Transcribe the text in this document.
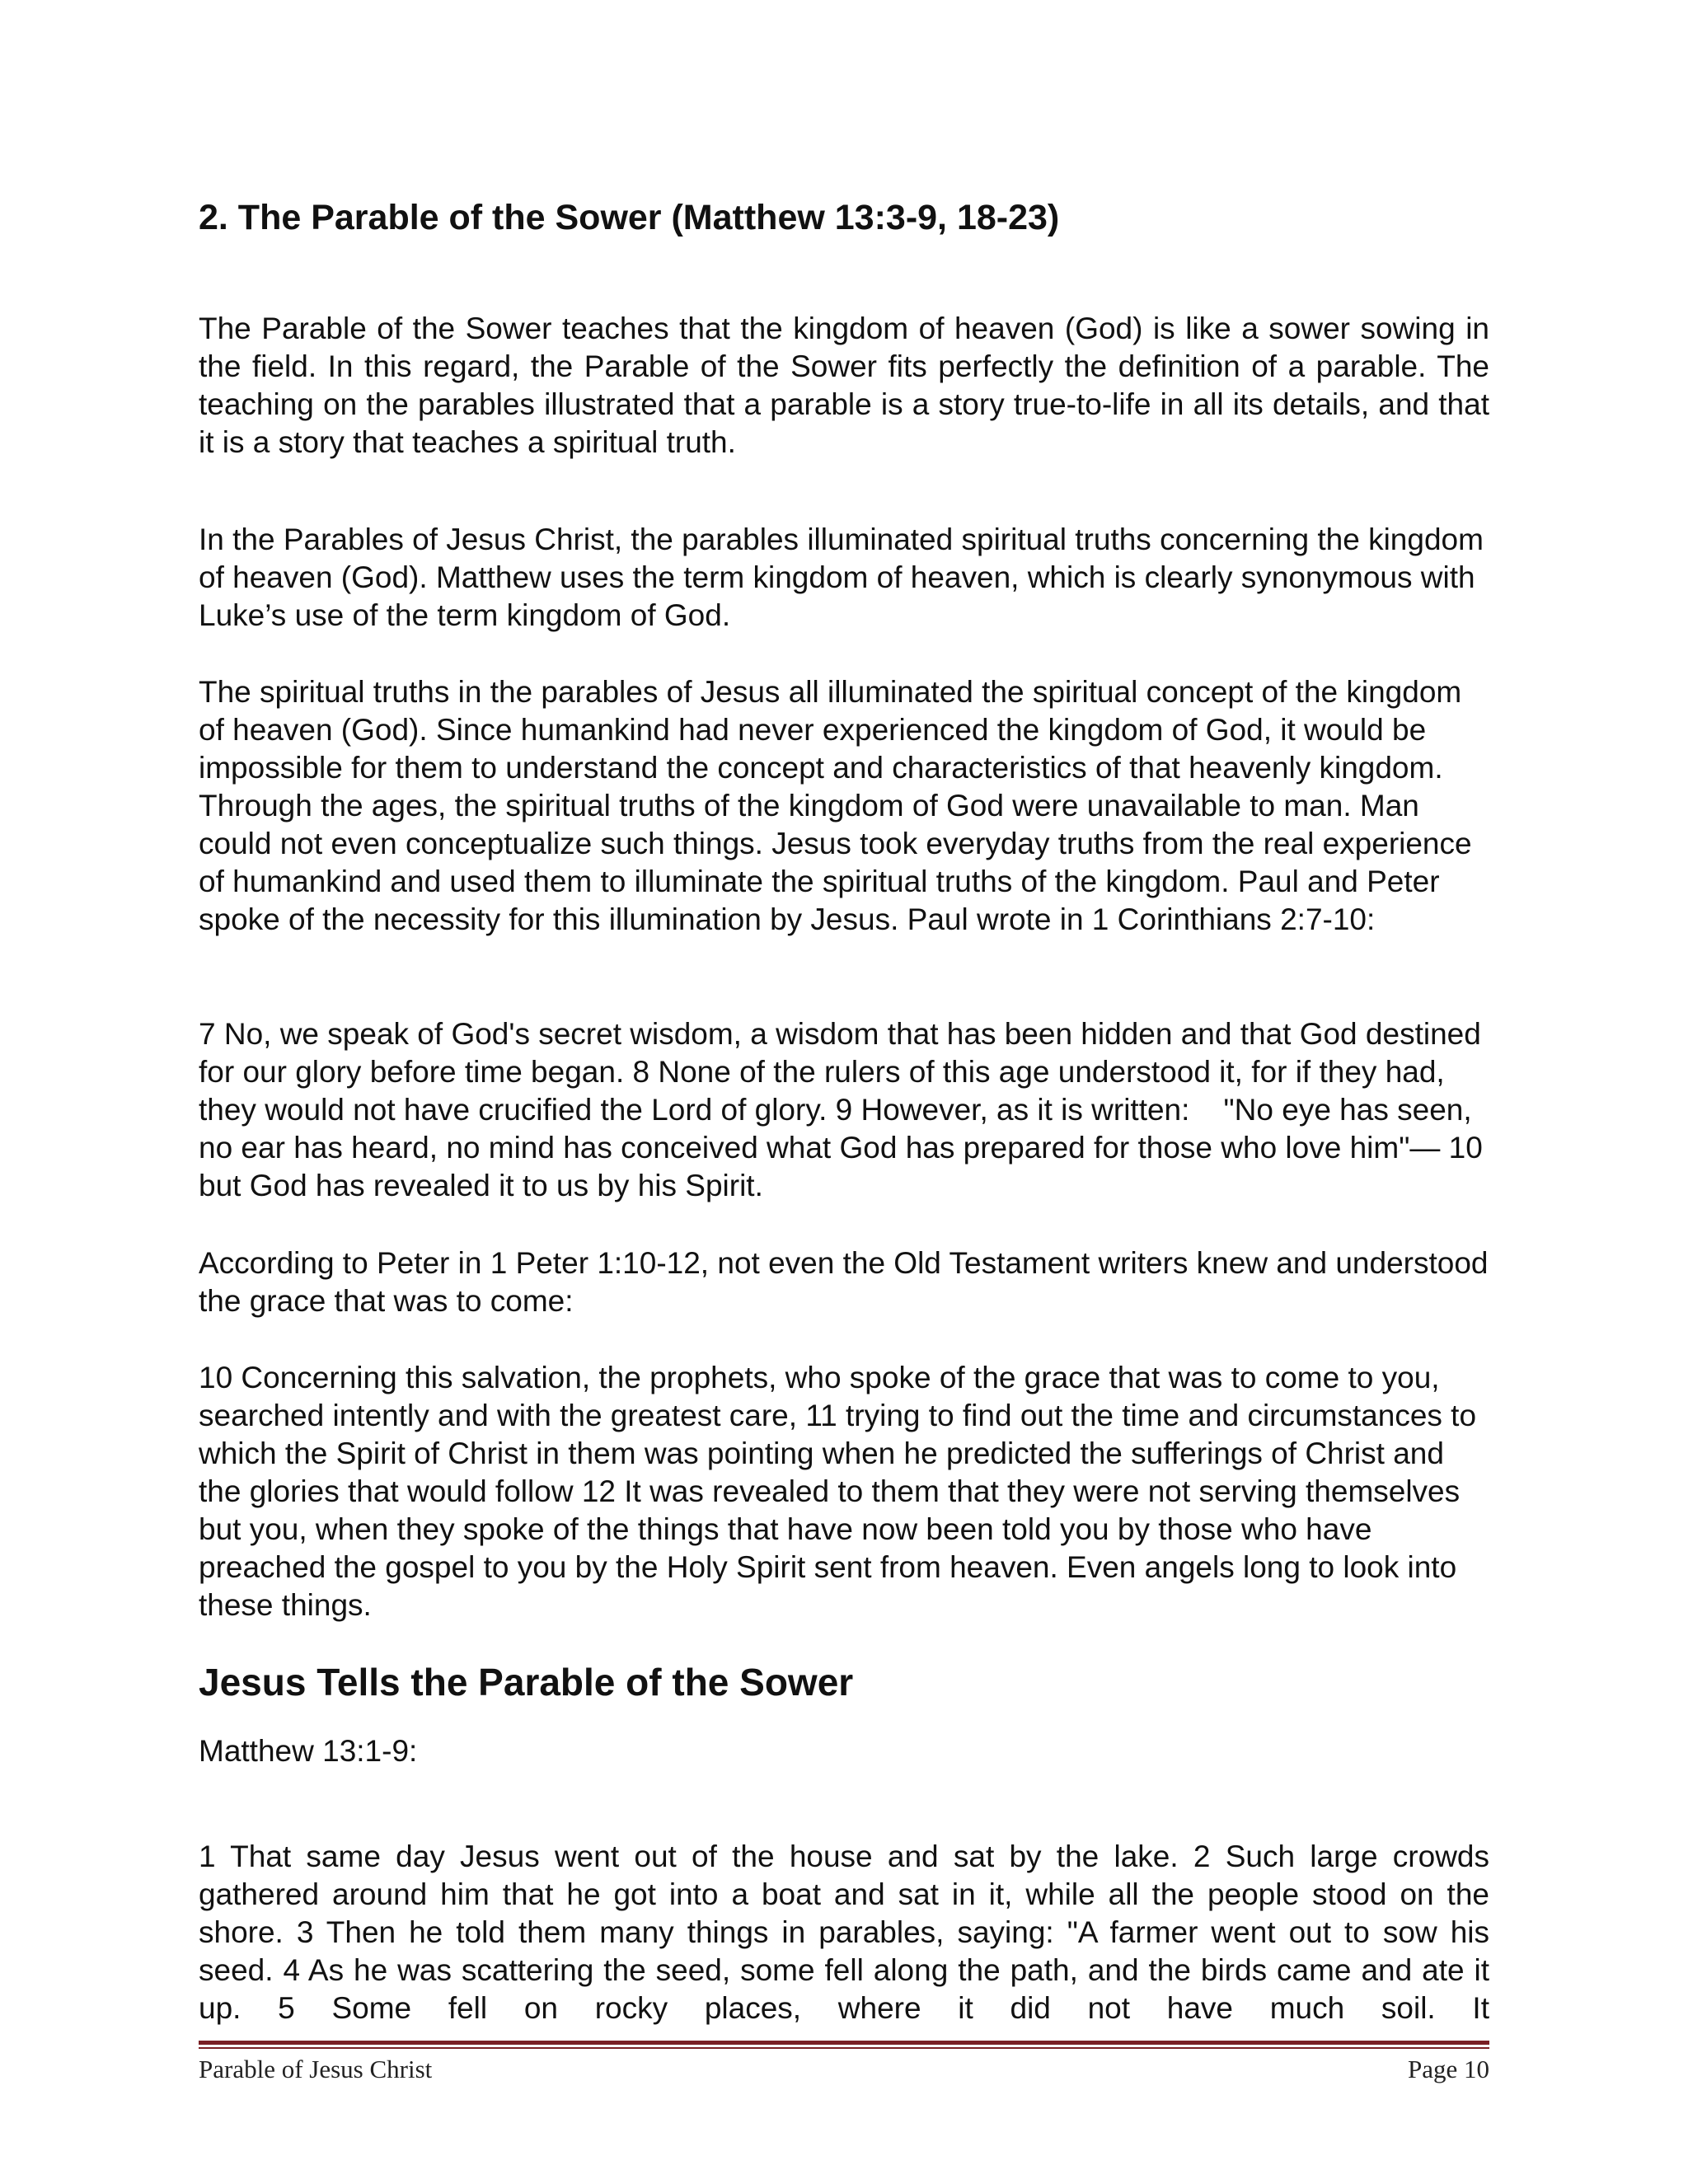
2. The Parable of the Sower (Matthew 13:3-9, 18-23)

The Parable of the Sower teaches that the kingdom of heaven (God) is like a sower sowing in the field. In this regard, the Parable of the Sower fits perfectly the definition of a parable. The teaching on the parables illustrated that a parable is a story true-to-life in all its details, and that it is a story that teaches a spiritual truth.

In the Parables of Jesus Christ, the parables illuminated spiritual truths concerning the kingdom of heaven (God). Matthew uses the term kingdom of heaven, which is clearly synonymous with Luke’s use of the term kingdom of God.

The spiritual truths in the parables of Jesus all illuminated the spiritual concept of the kingdom of heaven (God). Since humankind had never experienced the kingdom of God, it would be impossible for them to understand the concept and characteristics of that heavenly kingdom. Through the ages, the spiritual truths of the kingdom of God were unavailable to man. Man could not even conceptualize such things. Jesus took everyday truths from the real experience of humankind and used them to illuminate the spiritual truths of the kingdom. Paul and Peter spoke of the necessity for this illumination by Jesus. Paul wrote in 1 Corinthians 2:7-10:

7 No, we speak of God's secret wisdom, a wisdom that has been hidden and that God destined for our glory before time began. 8 None of the rulers of this age understood it, for if they had, they would not have crucified the Lord of glory. 9 However, as it is written:    "No eye has seen, no ear has heard, no mind has conceived what God has prepared for those who love him"— 10 but God has revealed it to us by his Spirit.

According to Peter in 1 Peter 1:10-12, not even the Old Testament writers knew and understood the grace that was to come:

10 Concerning this salvation, the prophets, who spoke of the grace that was to come to you, searched intently and with the greatest care, 11 trying to find out the time and circumstances to which the Spirit of Christ in them was pointing when he predicted the sufferings of Christ and the glories that would follow 12 It was revealed to them that they were not serving themselves but you, when they spoke of the things that have now been told you by those who have preached the gospel to you by the Holy Spirit sent from heaven. Even angels long to look into these things.

Jesus Tells the Parable of the Sower

Matthew 13:1-9:

1 That same day Jesus went out of the house and sat by the lake. 2 Such large crowds gathered around him that he got into a boat and sat in it, while all the people stood on the shore. 3 Then he told them many things in parables, saying: "A farmer went out to sow his seed. 4 As he was scattering the seed, some fell along the path, and the birds came and ate it up. 5 Some fell on rocky places, where it did not have much soil. It

Parable of Jesus Christ	Page 10
